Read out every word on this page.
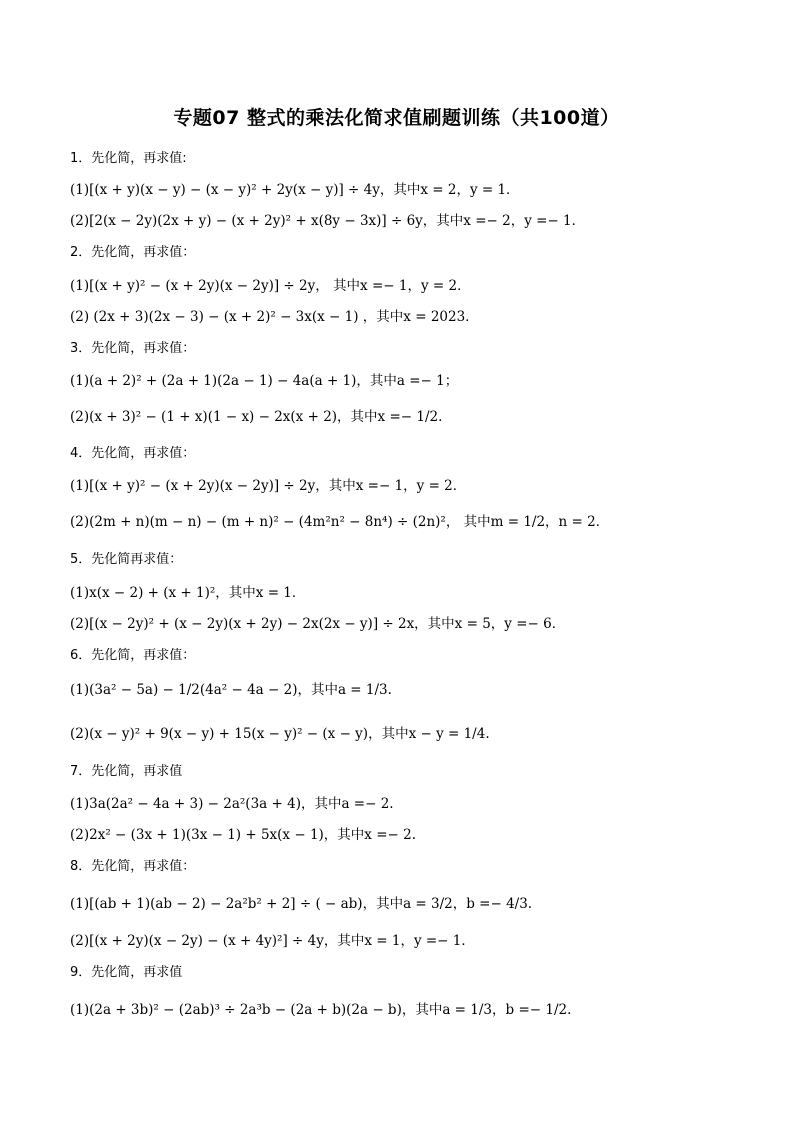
专题07 整式的乘法化简求值刷题训练（共100道）
1．先化简，再求值:
(1)[(x + y)(x − y) − (x − y)² + 2y(x − y)] ÷ 4y，其中x = 2，y = 1．
(2)[2(x − 2y)(2x + y) − (x + 2y)² + x(8y − 3x)] ÷ 6y，其中x =− 2，y =− 1．
2．先化简，再求值：
(1)[(x + y)² − (x + 2y)(x − 2y)] ÷ 2y， 其中x =− 1，y = 2．
(2) (2x + 3)(2x − 3) − (x + 2)² − 3x(x − 1) ，其中x = 2023．
3．先化简，再求值：
(1)(a + 2)² + (2a + 1)(2a − 1) − 4a(a + 1)，其中a =− 1；
(2)(x + 3)² − (1 + x)(1 − x) − 2x(x + 2)，其中x =− 1/2.
4．先化简，再求值：
(1)[(x + y)² − (x + 2y)(x − 2y)] ÷ 2y，其中x =− 1，y = 2．
(2)(2m + n)(m − n) − (m + n)² − (4m²n² − 8n⁴) ÷ (2n)²， 其中m = 1/2，n = 2．
5．先化简再求值：
(1)x(x − 2) + (x + 1)²，其中x = 1．
(2)[(x − 2y)² + (x − 2y)(x + 2y) − 2x(2x − y)] ÷ 2x，其中x = 5，y =− 6．
6．先化简，再求值：
(1)(3a² − 5a) − 1/2(4a² − 4a − 2)，其中a = 1/3.
(2)(x − y)² + 9(x − y) + 15(x − y)² − (x − y)，其中x − y = 1/4.
7．先化简，再求值
(1)3a(2a² − 4a + 3) − 2a²(3a + 4)，其中a =− 2.
(2)2x² − (3x + 1)(3x − 1) + 5x(x − 1)，其中x =− 2.
8．先化简，再求值：
(1)[(ab + 1)(ab − 2) − 2a²b² + 2] ÷ ( − ab)，其中a = 3/2，b =− 4/3.
(2)[(x + 2y)(x − 2y) − (x + 4y)²] ÷ 4y，其中x = 1，y =− 1．
9．先化简，再求值
(1)(2a + 3b)² − (2ab)³ ÷ 2a³b − (2a + b)(2a − b)，其中a = 1/3，b =− 1/2.
